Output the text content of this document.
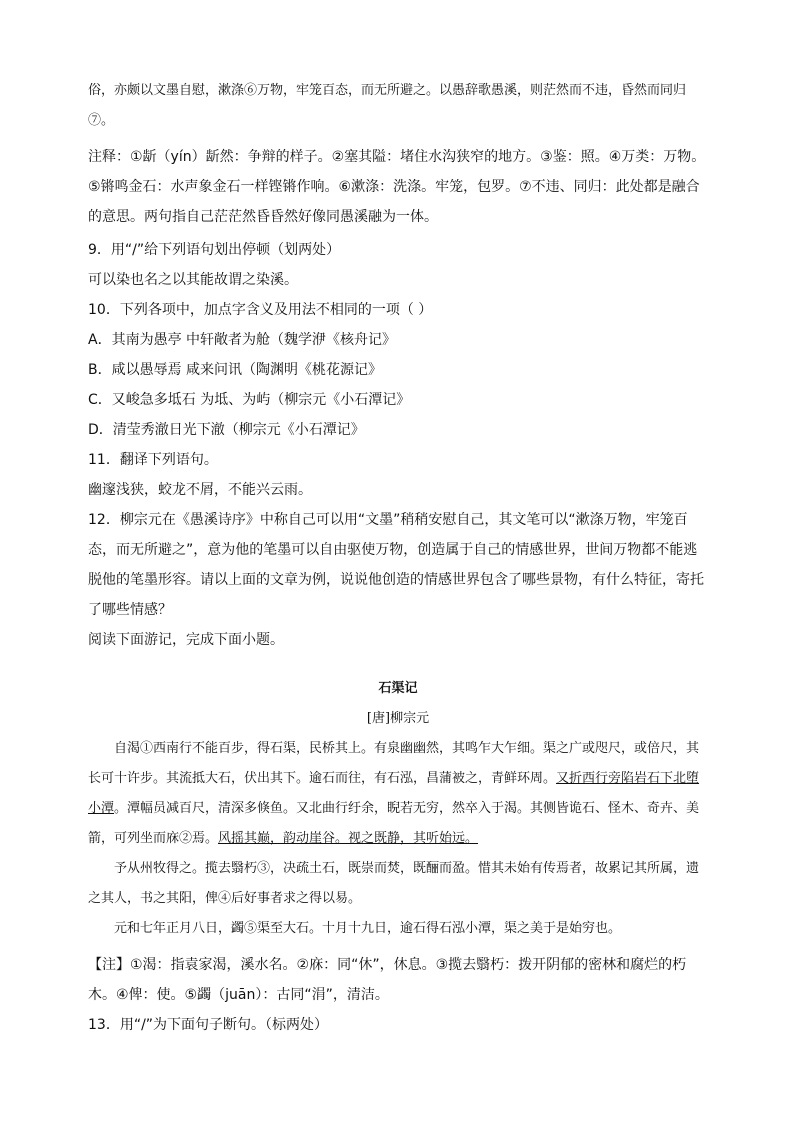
俗，亦颇以文墨自慰，漱涤⑥万物，牢笼百态，而无所避之。以愚辞歌愚溪，则茫然而不违，昏然而同归⑦。

注释：①龂（yín）龂然：争辩的样子。②塞其隘：堵住水沟狭窄的地方。③鉴：照。④万类：万物。⑤锵鸣金石：水声象金石一样铿锵作响。⑥漱涤：洗涤。牢笼，包罗。⑦不违、同归：此处都是融合的意思。两句指自己茫茫然昏昏然好像同愚溪融为一体。

9．用“/”给下列语句划出停顿（划两处）

可以染也名之以其能故谓之染溪。

10．下列各项中，加点字含义及用法不相同的一项（ ）

A．其南为愚亭 中轩敞者为舱（魏学洢《核舟记》

B．咸以愚辱焉 咸来问讯（陶渊明《桃花源记》

C．又峻急多坻石 为坻、为屿（柳宗元《小石潭记》

D．清莹秀澈日光下澈（柳宗元《小石潭记》

11．翻译下列语句。

幽邃浅狭，蛟龙不屑，不能兴云雨。

12．柳宗元在《愚溪诗序》中称自己可以用“文墨”稍稍安慰自己，其文笔可以“漱涤万物，牢笼百态，而无所避之”，意为他的笔墨可以自由驱使万物，创造属于自己的情感世界，世间万物都不能逃脱他的笔墨形容。请以上面的文章为例，说说他创造的情感世界包含了哪些景物，有什么特征，寄托了哪些情感？

阅读下面游记，完成下面小题。

石渠记

[唐]柳宗元

自渴①西南行不能百步，得石渠，民桥其上。有泉幽幽然，其鸣乍大乍细。渠之广或咫尺，或倍尺，其长可十许步。其流抵大石，伏出其下。逾石而往，有石泓，昌蒲被之，青鲜环周。又折西行旁陷岩石下北堕小潭。潭幅员减百尺，清深多倏鱼。又北曲行纡余，睨若无穷，然卒入于渴。其侧皆诡石、怪木、奇卉、美箭，可列坐而庥②焉。风摇其巅，韵动崖谷。视之既静，其听始远。

予从州牧得之。揽去翳朽③，决疏土石，既崇而焚，既酾而盈。惜其未始有传焉者，故累记其所属，遗之其人，书之其阳，俾④后好事者求之得以易。

元和七年正月八日，蠲⑤渠至大石。十月十九日，逾石得石泓小潭，渠之美于是始穷也。

【注】①渴：指袁家渴，溪水名。②庥：同“休”，休息。③揽去翳朽：拨开阴郁的密林和腐烂的朽木。④俾：使。⑤蠲（juān）：古同“涓”，清洁。

13．用“/”为下面句子断句。（标两处）
